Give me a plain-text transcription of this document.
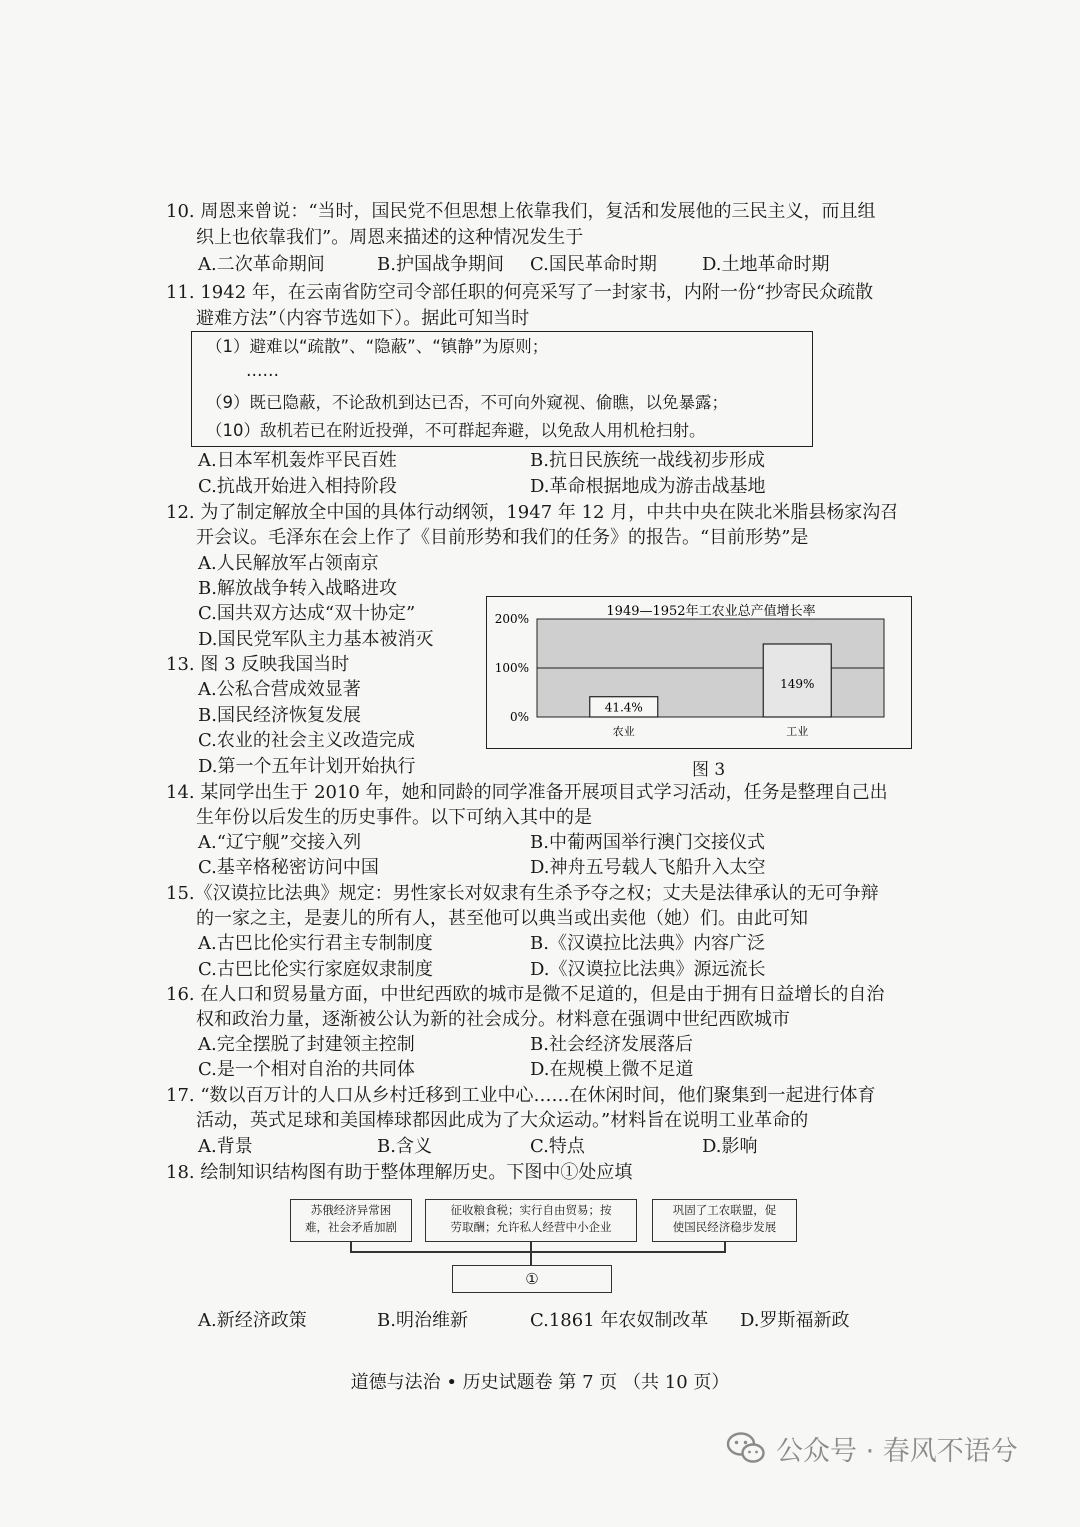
10. 周恩来曾说：“当时，国民党不但思想上依靠我们，复活和发展他的三民主义，而且组
织上也依靠我们”。周恩来描述的这种情况发生于
A.二次革命期间	B.护国战争期间 C.国民革命时期	D.土地革命时期
11. 1942 年，在云南省防空司令部任职的何亮采写了一封家书，内附一份“抄寄民众疏散
避难方法”（内容节选如下）。据此可知当时
（1）避难以“疏散”、“隐蔽”、“镇静”为原则；
……
（9）既已隐蔽，不论敌机到达已否，不可向外窥视、偷瞧，以免暴露；
（10）敌机若已在附近投弹，不可群起奔避，以免敌人用机枪扫射。
A.日本军机轰炸平民百姓	B.抗日民族统一战线初步形成
C.抗战开始进入相持阶段	D.革命根据地成为游击战基地
12. 为了制定解放全中国的具体行动纲领，1947 年 12 月，中共中央在陕北米脂县杨家沟召
开会议。毛泽东在会上作了《目前形势和我们的任务》的报告。“目前形势”是
A.人民解放军占领南京
B.解放战争转入战略进攻
C.国共双方达成“双十协定”
D.国民党军队主力基本被消灭
13. 图 3 反映我国当时
A.公私合营成效显著
B.国民经济恢复发展
C.农业的社会主义改造完成
D.第一个五年计划开始执行
0%
100%
200%
农业	工业
41.4%
149%
1949—1952年工农业总产值增长率
图 3
14. 某同学出生于 2010 年，她和同龄的同学准备开展项目式学习活动，任务是整理自己出
生年份以后发生的历史事件。以下可纳入其中的是
A.“辽宁舰”交接入列	B.中葡两国举行澳门交接仪式
C.基辛格秘密访问中国	D.神舟五号载人飞船升入太空
15.《汉谟拉比法典》规定：男性家长对奴隶有生杀予夺之权；丈夫是法律承认的无可争辩
的一家之主，是妻儿的所有人，甚至他可以典当或出卖他（她）们。由此可知
A.古巴比伦实行君主专制制度	B.《汉谟拉比法典》内容广泛
C.古巴比伦实行家庭奴隶制度	D.《汉谟拉比法典》源远流长
16. 在人口和贸易量方面，中世纪西欧的城市是微不足道的，但是由于拥有日益增长的自治
权和政治力量，逐渐被公认为新的社会成分。材料意在强调中世纪西欧城市
A.完全摆脱了封建领主控制	B.社会经济发展落后
C.是一个相对自治的共同体	D.在规模上微不足道
17. “数以百万计的人口从乡村迁移到工业中心……在休闲时间，他们聚集到一起进行体育
活动，英式足球和美国棒球都因此成为了大众运动。”材料旨在说明工业革命的
A.背景	B.含义	C.特点	D.影响
18. 绘制知识结构图有助于整体理解历史。下图中①处应填
苏俄经济异常困
难，社会矛盾加剧
征收粮食税；实行自由贸易；按
劳取酬；允许私人经营中小企业
巩固了工农联盟，促
使国民经济稳步发展
①
A.新经济政策	B.明治维新	C.1861 年农奴制改革 D.罗斯福新政
道德与法治 • 历史试题卷 第 7 页 （共 10 页）
公众号 · 春风不语兮
